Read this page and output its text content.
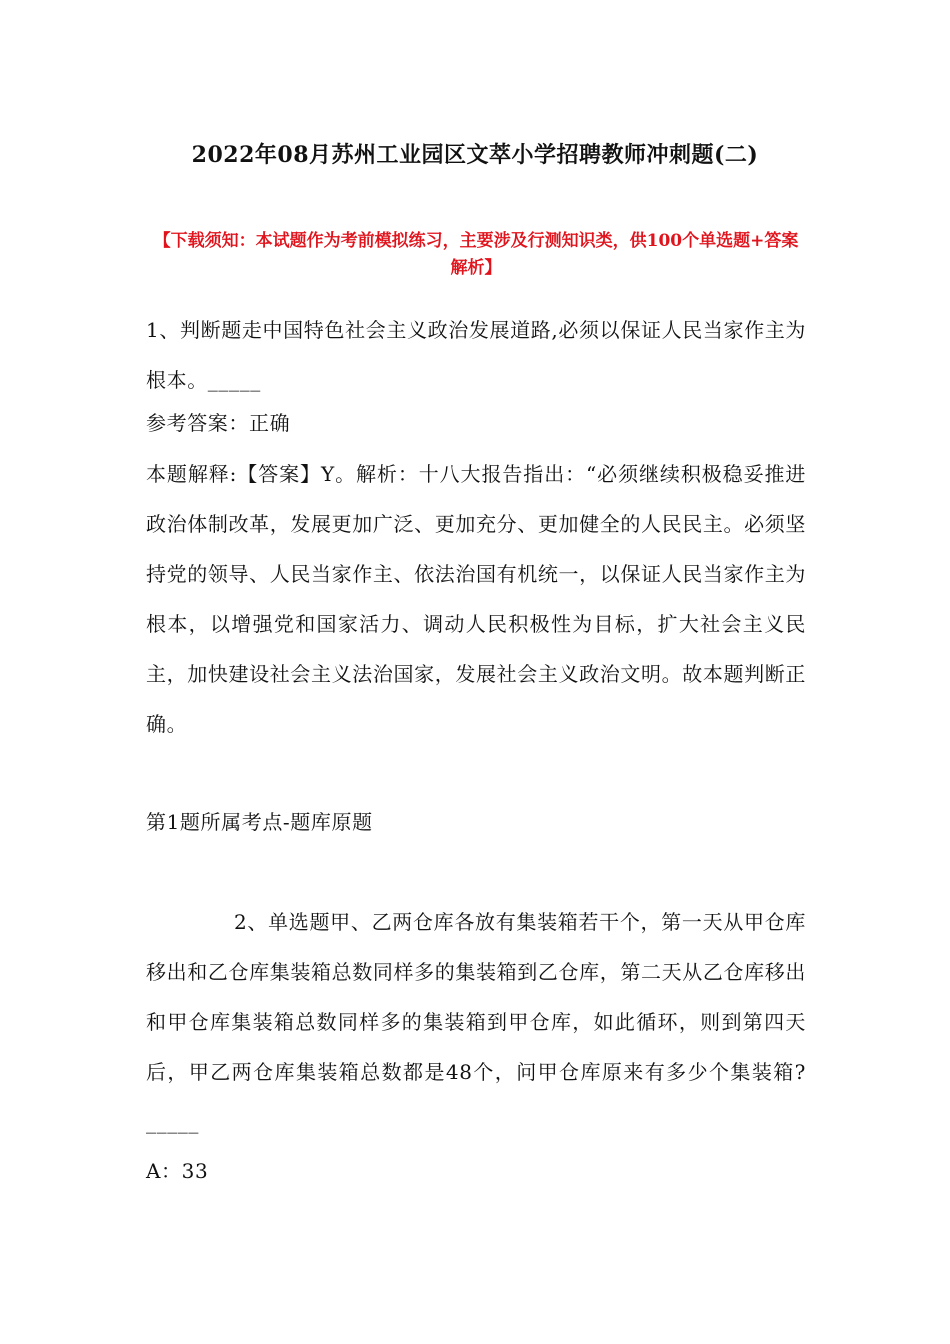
2022年08月苏州工业园区文萃小学招聘教师冲刺题(二)
【下载须知：本试题作为考前模拟练习，主要涉及行测知识类，供100个单选题+答案解析】
1、判断题走中国特色社会主义政治发展道路,必须以保证人民当家作主为根本。_____
参考答案：正确
本题解释:【答案】Y。解析：十八大报告指出：“必须继续积极稳妥推进政治体制改革，发展更加广泛、更加充分、更加健全的人民民主。必须坚持党的领导、人民当家作主、依法治国有机统一，以保证人民当家作主为根本，以增强党和国家活力、调动人民积极性为目标，扩大社会主义民主，加快建设社会主义法治国家，发展社会主义政治文明。故本题判断正确。
第1题所属考点-题库原题
2、单选题甲、乙两仓库各放有集装箱若干个，第一天从甲仓库移出和乙仓库集装箱总数同样多的集装箱到乙仓库，第二天从乙仓库移出和甲仓库集装箱总数同样多的集装箱到甲仓库，如此循环，则到第四天后，甲乙两仓库集装箱总数都是48个，问甲仓库原来有多少个集装箱?_____
A：33
